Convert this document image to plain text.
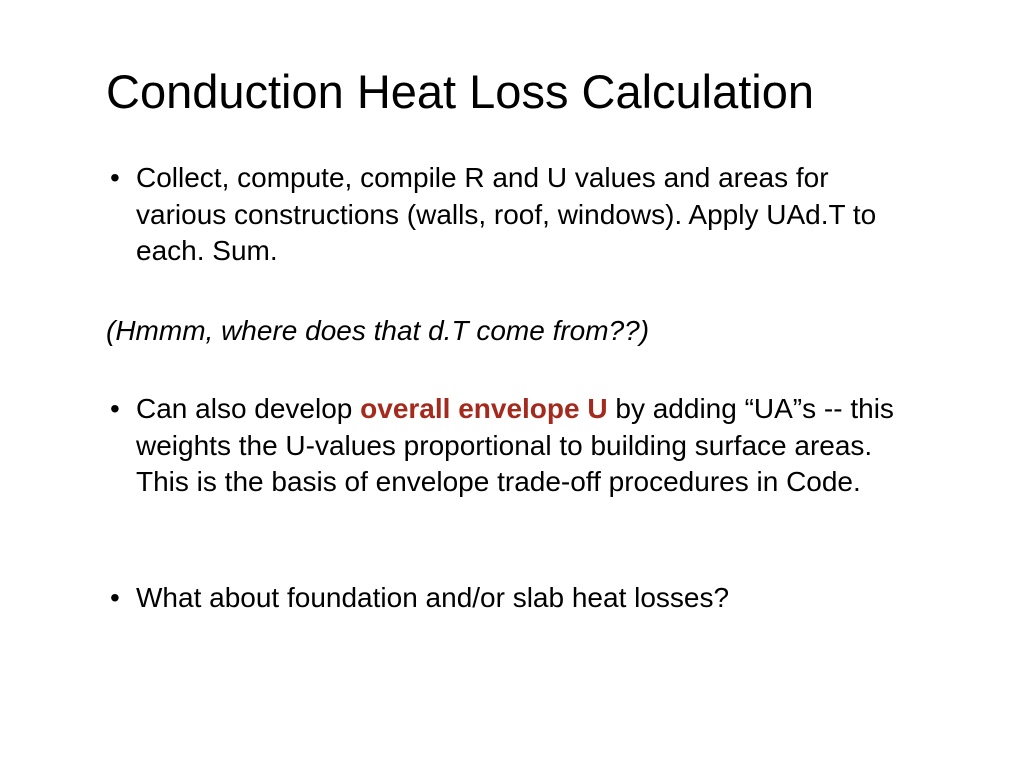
Conduction Heat Loss Calculation
• Collect, compute, compile R and U values and areas for various constructions (walls, roof, windows). Apply UAd.T to each. Sum.
(Hmmm, where does that d.T come from??)
• Can also develop overall envelope U by adding “UA”s -- this weights the U-values proportional to building surface areas. This is the basis of envelope trade-off procedures in Code.
• What about foundation and/or slab heat losses?
